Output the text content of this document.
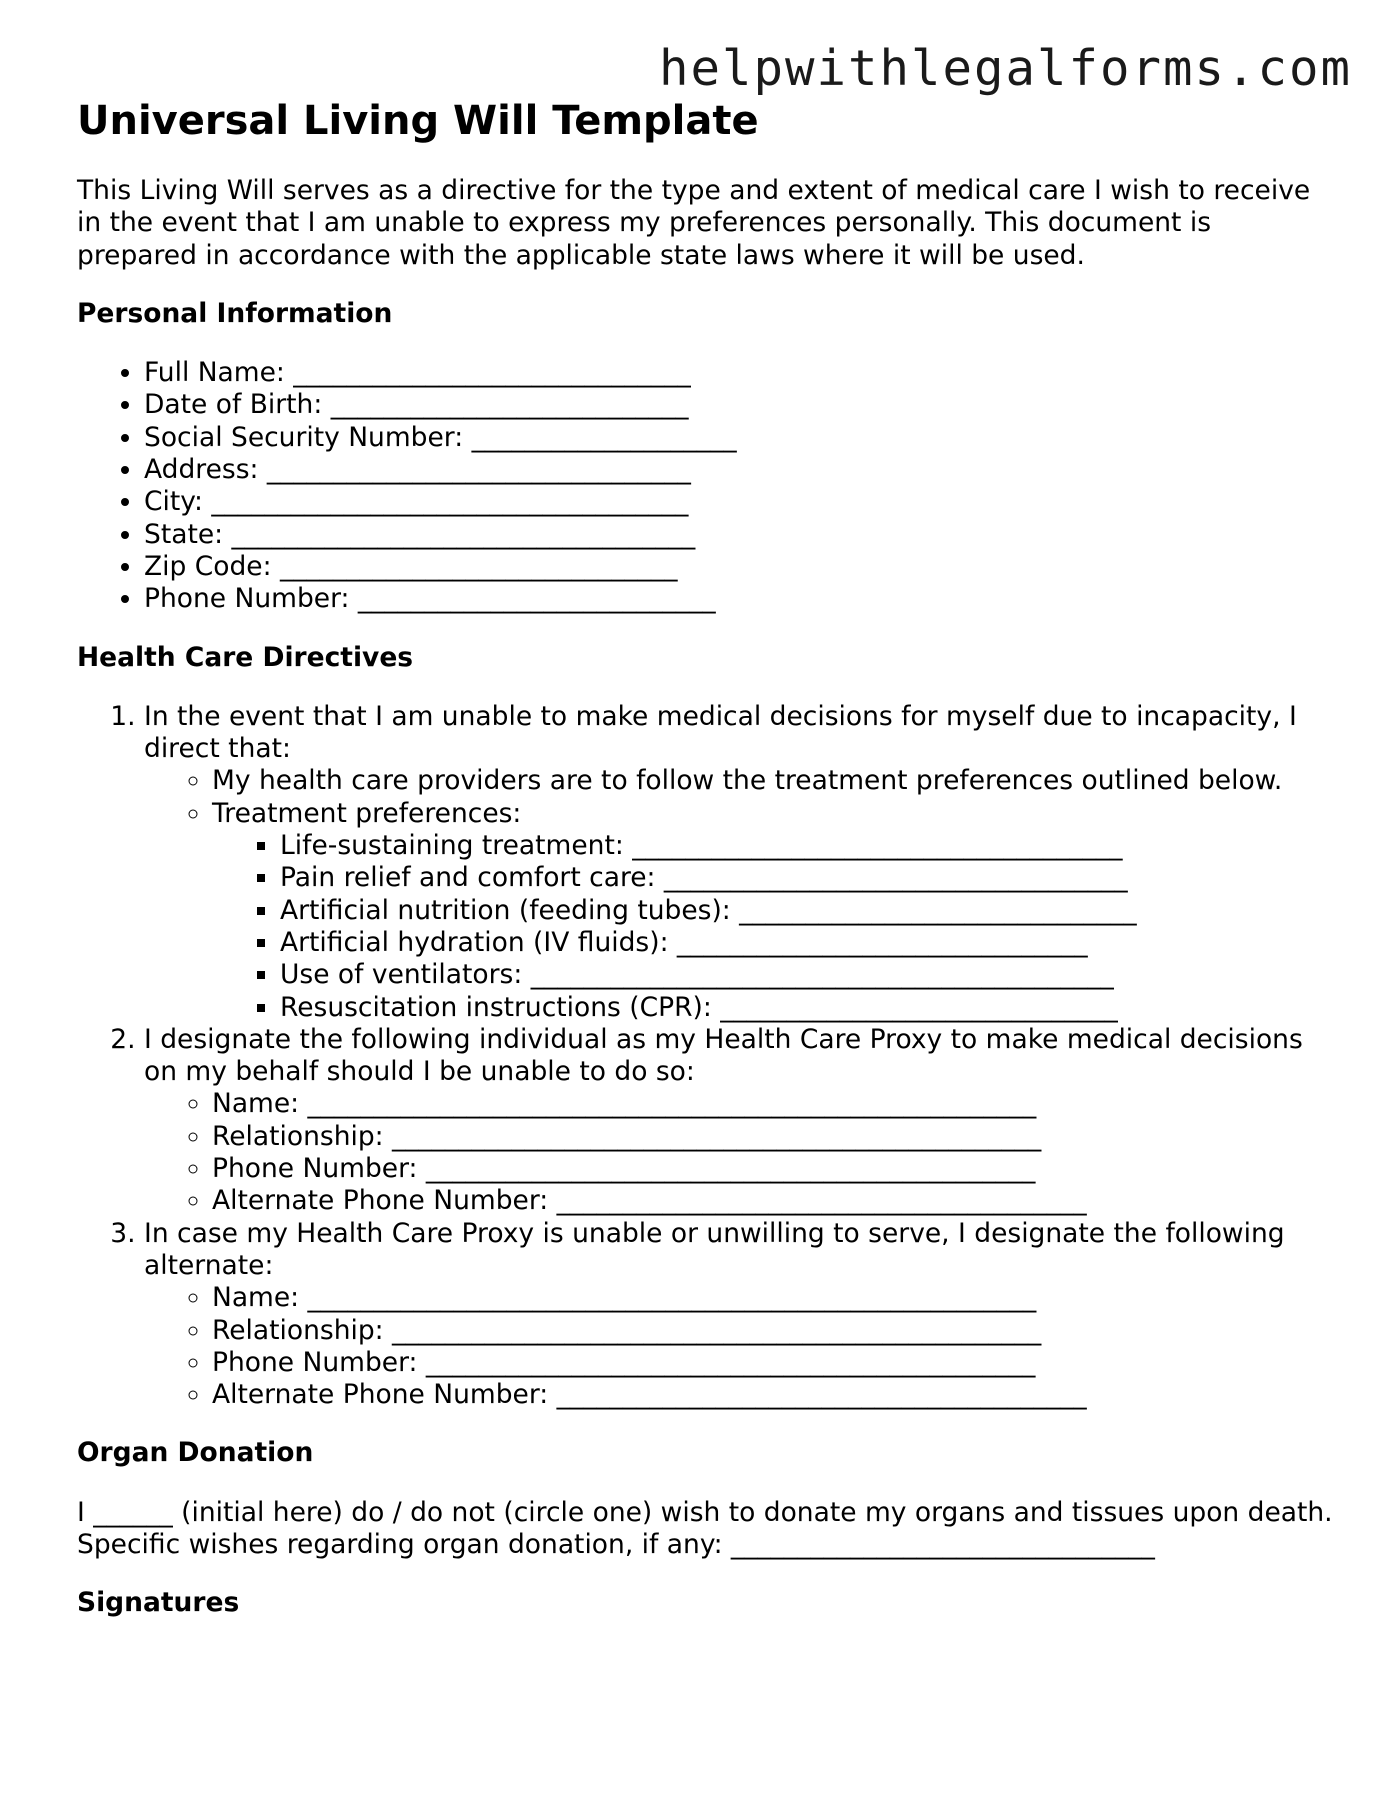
helpwithlegalforms.com
Universal Living Will Template

This Living Will serves as a directive for the type and extent of medical care I wish to receive in the event that I am unable to express my preferences personally. This document is prepared in accordance with the applicable state laws where it will be used.

Personal Information
• Full Name: ______________________________
• Date of Birth: ___________________________
• Social Security Number: ____________________
• Address: ________________________________
• City: ____________________________________
• State: ___________________________________
• Zip Code: ______________________________
• Phone Number: ___________________________
Health Care Directives
1. In the event that I am unable to make medical decisions for myself due to incapacity, I direct that:
◦ My health care providers are to follow the treatment preferences outlined below.
◦ Treatment preferences:
▪ Life-sustaining treatment: _____________________________________
▪ Pain relief and comfort care: ___________________________________
▪ Artificial nutrition (feeding tubes): ______________________________
▪ Artificial hydration (IV fluids): _______________________________
▪ Use of ventilators: ____________________________________________
▪ Resuscitation instructions (CPR): ______________________________
2. I designate the following individual as my Health Care Proxy to make medical decisions on my behalf should I be unable to do so:
◦ Name: _______________________________________________________
◦ Relationship: _________________________________________________
◦ Phone Number: ______________________________________________
◦ Alternate Phone Number: ________________________________________
3. In case my Health Care Proxy is unable or unwilling to serve, I designate the following alternate:
◦ Name: _______________________________________________________
◦ Relationship: _________________________________________________
◦ Phone Number: ______________________________________________
◦ Alternate Phone Number: ________________________________________
Organ Donation

I ______ (initial here) do / do not (circle one) wish to donate my organs and tissues upon death. Specific wishes regarding organ donation, if any: ________________________________

Signatures
